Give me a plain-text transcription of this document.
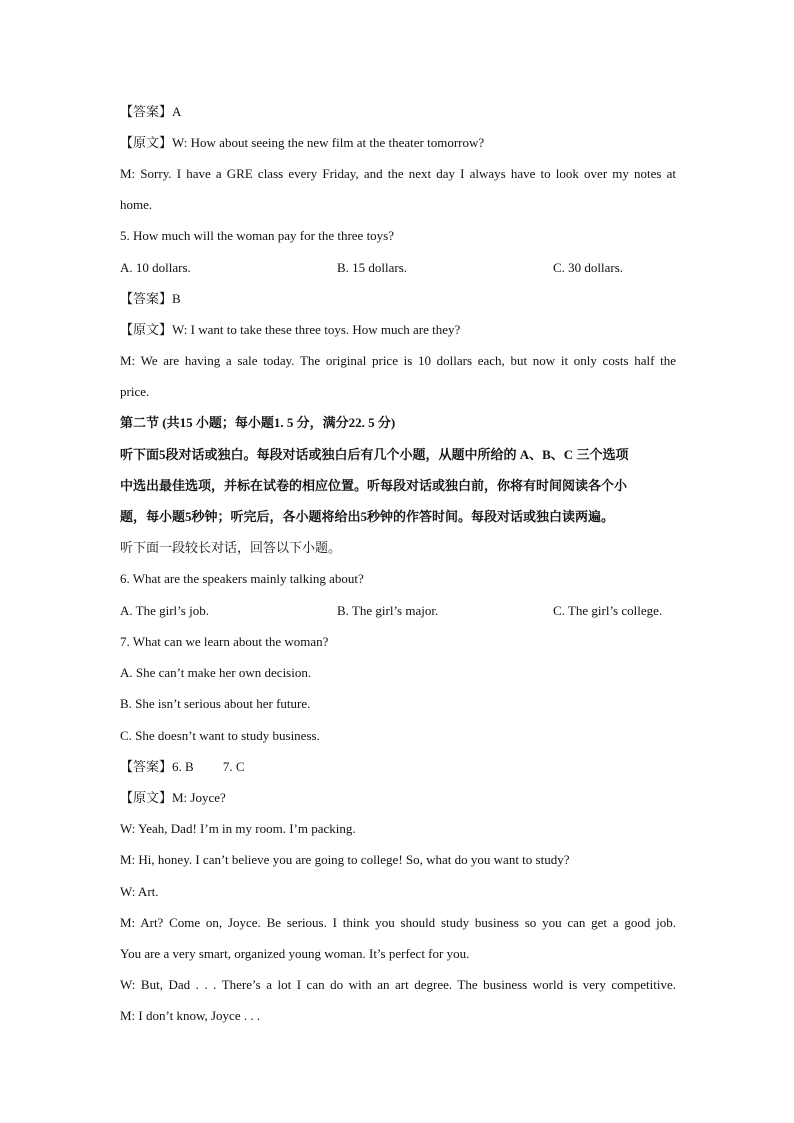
【答案】A
【原文】W: How about seeing the new film at the theater tomorrow?
M: Sorry. I have a GRE class every Friday, and the next day I always have to look over my notes at
home.
5. How much will the woman pay for the three toys?
A. 10 dollars.	B. 15 dollars.	C. 30 dollars.
【答案】B
【原文】W: I want to take these three toys. How much are they?
M: We are having a sale today. The original price is 10 dollars each, but now it only costs half the
price.
第二节 (共15 小题；每小题1. 5 分，满分22. 5 分)
听下面5段对话或独白。每段对话或独白后有几个小题，从题中所给的 A、B、C 三个选项
中选出最佳选项，并标在试卷的相应位置。听每段对话或独白前，你将有时间阅读各个小
题，每小题5秒钟；听完后，各小题将给出5秒钟的作答时间。每段对话或独白读两遍。
听下面一段较长对话，回答以下小题。
6. What are the speakers mainly talking about?
A. The girl’s job.	B. The girl’s major.	C. The girl’s college.
7. What can we learn about the woman?
A. She can’t make her own decision.
B. She isn’t serious about her future.
C. She doesn’t want to study business.
【答案】6. B         7. C
【原文】M: Joyce?
W: Yeah, Dad! I’m in my room. I’m packing.
M: Hi, honey. I can’t believe you are going to college! So, what do you want to study?
W: Art.
M: Art? Come on, Joyce. Be serious. I think you should study business so you can get a good job.
You are a very smart, organized young woman. It’s perfect for you.
W: But, Dad . . . There’s a lot I can do with an art degree. The business world is very competitive.
M: I don’t know, Joyce . . .
